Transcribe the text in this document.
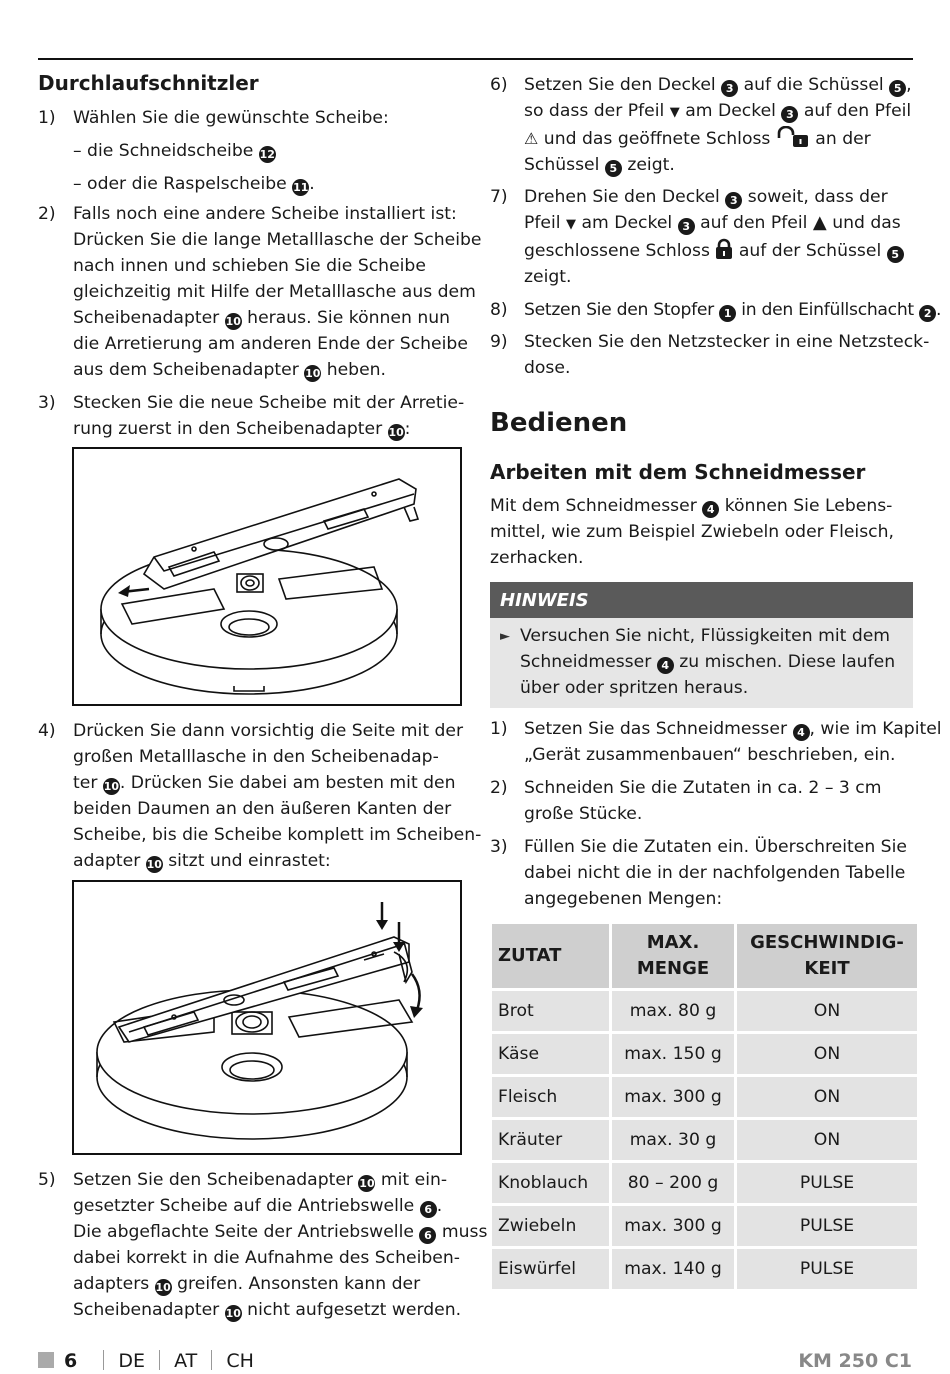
Durchlaufschnitzler
1)	Wählen Sie die gewünschte Scheibe:
– die Schneidscheibe 12
– oder die Raspelscheibe 11.
2)	Falls noch eine andere Scheibe installiert ist:
Drücken Sie die lange Metalllasche der Scheibe
nach innen und schieben Sie die Scheibe
gleichzeitig mit Hilfe der Metalllasche aus dem
Scheibenadapter 10 heraus. Sie können nun
die Arretierung am anderen Ende der Scheibe
aus dem Scheibenadapter 10 heben.
3)	Stecken Sie die neue Scheibe mit der Arretie-
rung zuerst in den Scheibenadapter 10:
4)	Drücken Sie dann vorsichtig die Seite mit der
großen Metalllasche in den Scheibenadap-
ter 10. Drücken Sie dabei am besten mit den
beiden Daumen an den äußeren Kanten der
Scheibe, bis die Scheibe komplett im Scheiben-
adapter 10 sitzt und einrastet:
5)	Setzen Sie den Scheibenadapter 10 mit ein-
gesetzter Scheibe auf die Antriebswelle 6 .
Die abgeflachte Seite der Antriebswelle 6 muss
dabei korrekt in die Aufnahme des Scheiben-
adapters 10 greifen. Ansonsten kann der
Scheibenadapter 10 nicht aufgesetzt werden.
6) Setzen Sie den Deckel 3 auf die Schüssel 5 ,
so dass der Pfeil ▼ am Deckel 3 auf den Pfeil
⚠ und das geöffnete Schloss  an der
Schüssel 5 zeigt.
7) Drehen Sie den Deckel 3 soweit, dass der
Pfeil ▼ am Deckel 3 auf den Pfeil ▲ und das
geschlossene Schloss  auf der Schüssel 5
zeigt.
8) Setzen Sie den Stopfer 1 in den Einfüllschacht 2 .
9) Stecken Sie den Netzstecker in eine Netzsteck-
dose.
Bedienen
Arbeiten mit dem Schneidmesser
Mit dem Schneidmesser 4 können Sie Lebens-
mittel, wie zum Beispiel Zwiebeln oder Fleisch,
zerhacken.
HINWEIS
► Versuchen Sie nicht, Flüssigkeiten mit dem
Schneidmesser 4 zu mischen. Diese laufen
über oder spritzen heraus.
1) Setzen Sie das Schneidmesser 4 , wie im Kapitel
„Gerät zusammenbauen“ beschrieben, ein.
2) Schneiden Sie die Zutaten in ca. 2 – 3 cm
große Stücke.
3) Füllen Sie die Zutaten ein. Überschreiten Sie
dabei nicht die in der nachfolgenden Tabelle
angegebenen Mengen:
ZUTAT	MAX.
MENGE	GESCHWINDIG-
KEIT

Brot	max. 80 g	ON
Käse	max. 150 g	ON
Fleisch	max. 300 g	ON
Kräuter	max. 30 g	ON
Knoblauch	80 – 200 g	PULSE
Zwiebeln	max. 300 g	PULSE
Eiswürfel	max. 140 g	PULSE
6 DE AT CH	KM 250 C1
